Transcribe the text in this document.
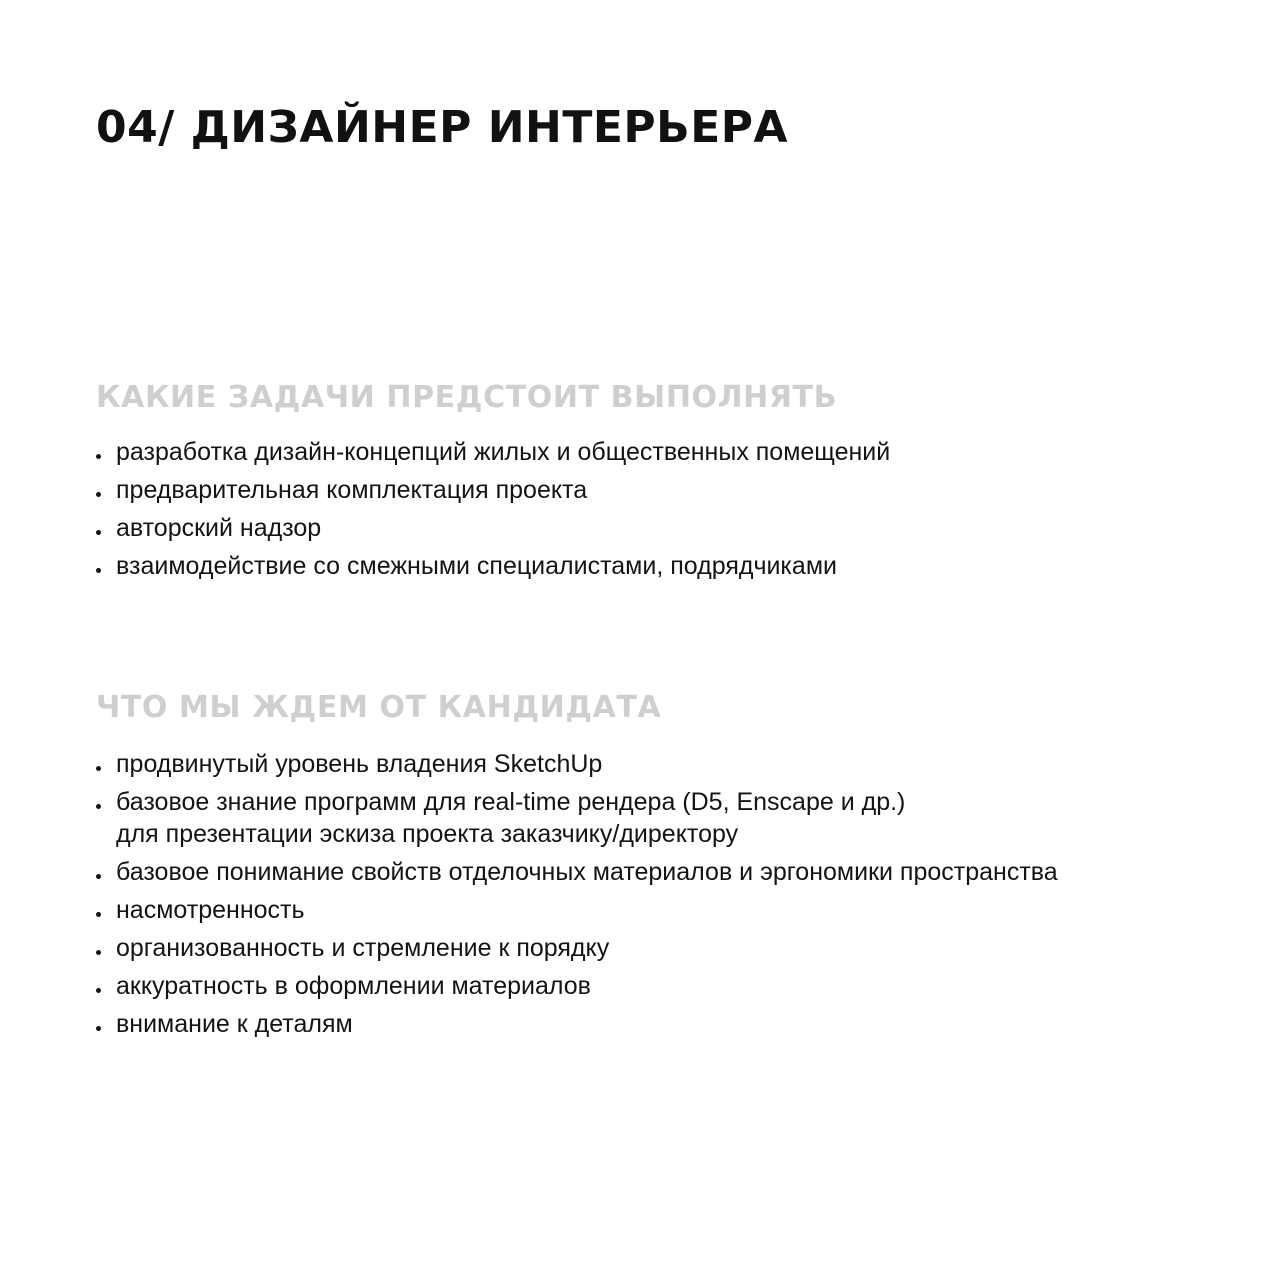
04/ ДИЗАЙНЕР ИНТЕРЬЕРА
КАКИЕ ЗАДАЧИ ПРЕДСТОИТ ВЫПОЛНЯТЬ
разработка дизайн-концепций жилых и общественных помещений
предварительная комплектация проекта
авторский надзор
взаимодействие со смежными специалистами, подрядчиками
ЧТО МЫ ЖДЕМ ОТ КАНДИДАТА
продвинутый уровень владения SketchUp
базовое знание программ для real-time рендера (D5, Enscape и др.)
для презентации эскиза проекта заказчику/директору
базовое понимание свойств отделочных материалов и эргономики пространства
насмотренность
организованность и стремление к порядку
аккуратность в оформлении материалов
внимание к деталям
